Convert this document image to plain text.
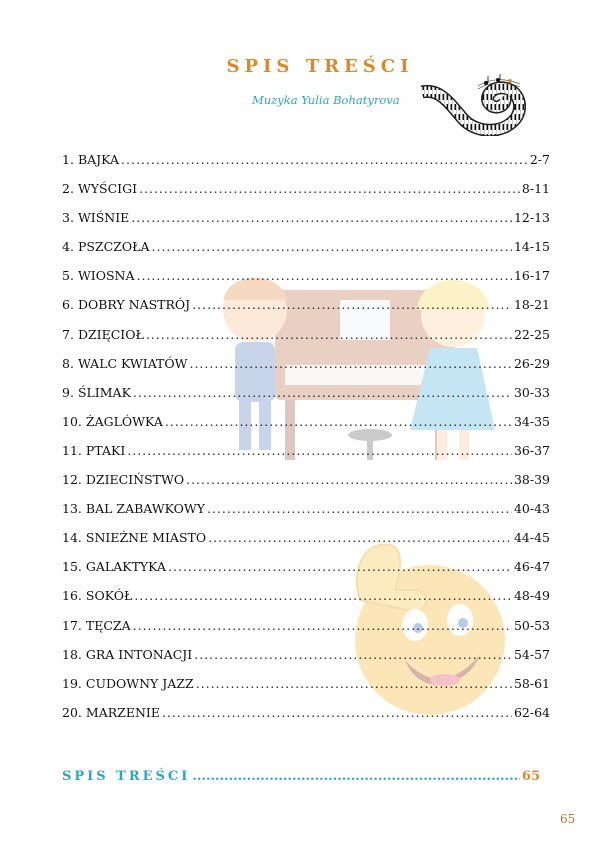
SPIS TREŚCI
Muzyka Yulia Bohatyrova
1. BAJKA .....	2-7
2. WYŚCIGI .....	8-11
3. WIŚNIE .....	12-13
4. PSZCZOŁA .....	14-15
5. WIOSNA .....	16-17
6. DOBRY NASTRÓJ .....	18-21
7. DZIĘCIOŁ .....	22-25
8. WALC KWIATÓW .....	26-29
9. ŚLIMAK .....	30-33
10. ŻAGLÓWKA .....	34-35
11. PTAKI .....	36-37
12. DZIECIŃSTWO .....	38-39
13. BAL ZABAWKOWY .....	40-43
14. SNIEŻNE MIASTO .....	44-45
15. GALAKTYKA .....	46-47
16. SOKÓŁ .....	48-49
17. TĘCZA .....	50-53
18. GRA INTONACJI .....	54-57
19. CUDOWNY JAZZ .....	58-61
20. MARZENIE .....	62-64
SPIS TREŚCI .....	65
65
